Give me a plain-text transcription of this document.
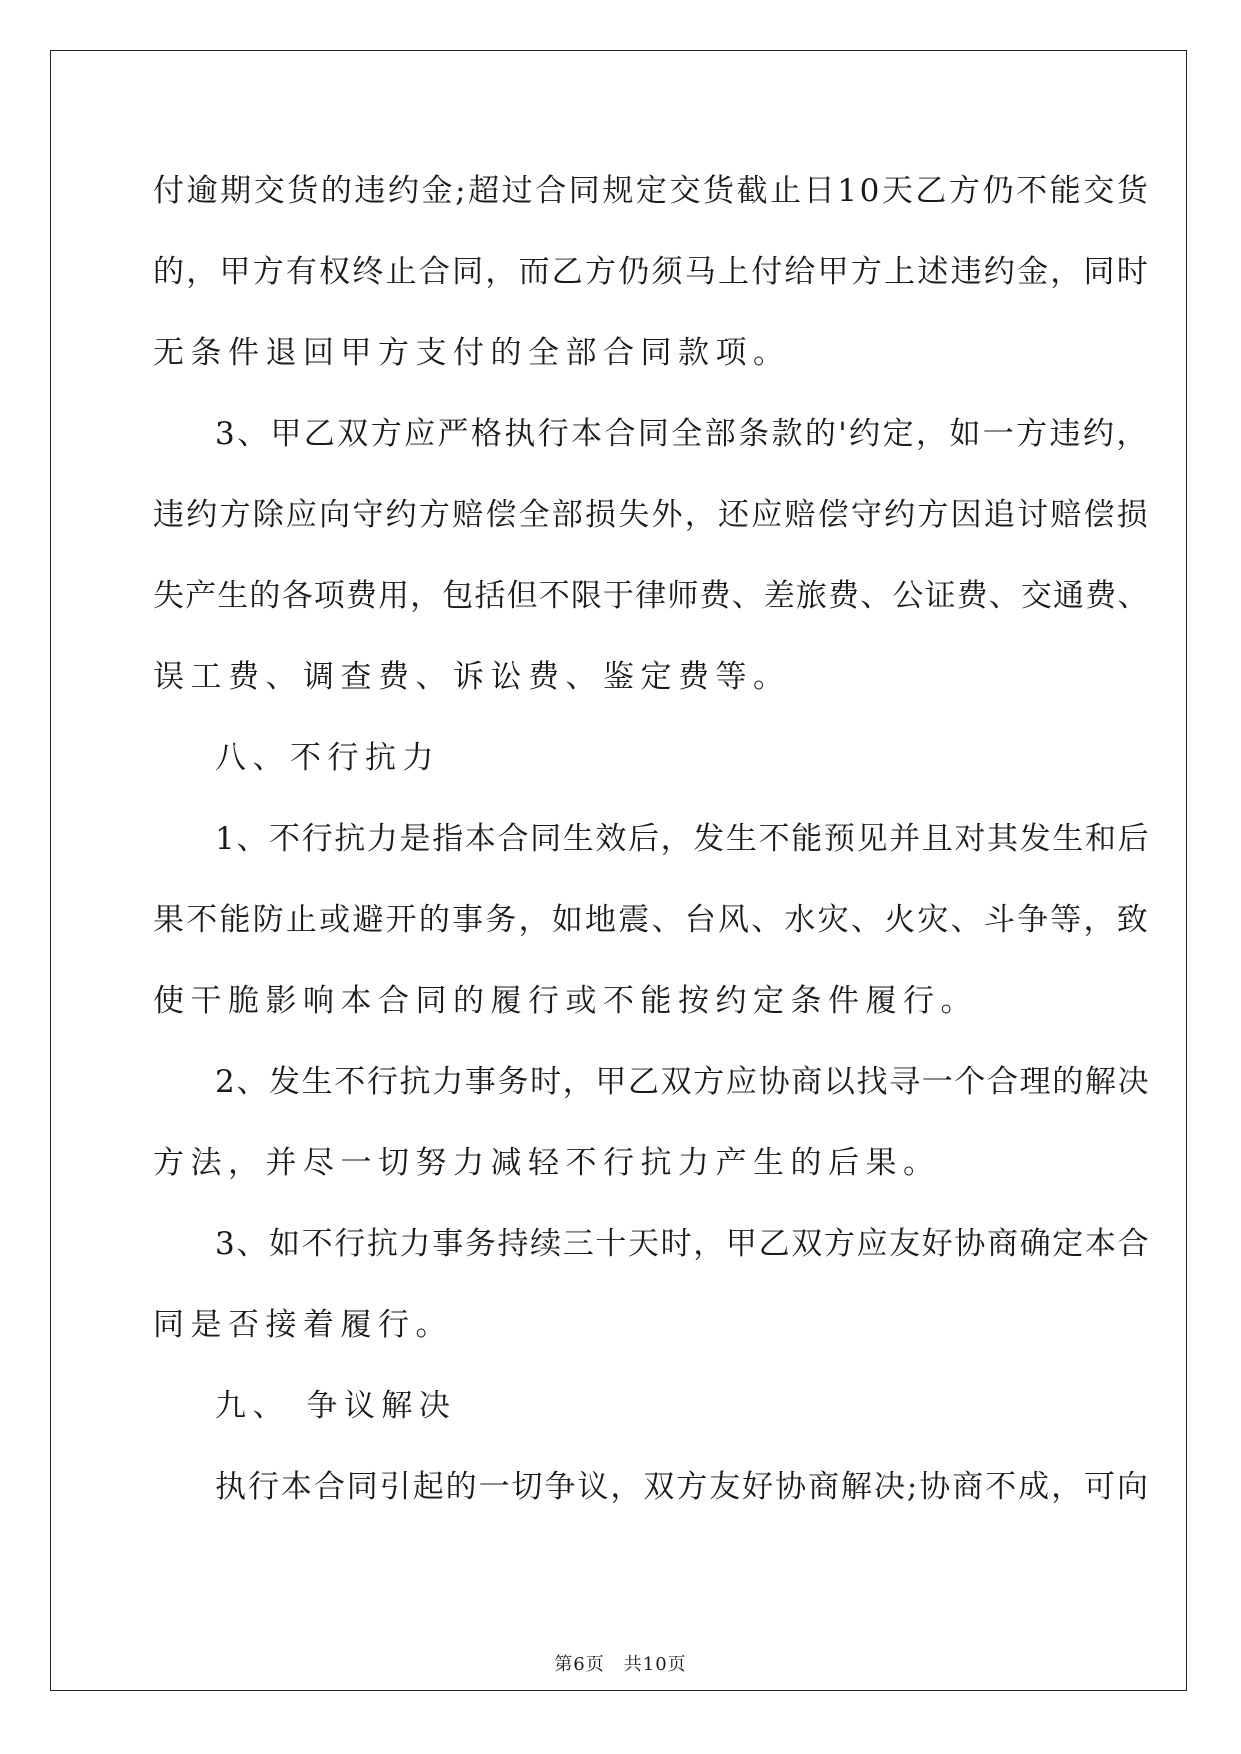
付逾期交货的违约金;超过合同规定交货截止日10天乙方仍不能交货
的，甲方有权终止合同，而乙方仍须马上付给甲方上述违约金，同时
无条件退回甲方支付的全部合同款项。
3、甲乙双方应严格执行本合同全部条款的'约定，如一方违约，
违约方除应向守约方赔偿全部损失外，还应赔偿守约方因追讨赔偿损
失产生的各项费用，包括但不限于律师费、差旅费、公证费、交通费、
误工费、调查费、诉讼费、鉴定费等。
八、不行抗力
1、不行抗力是指本合同生效后，发生不能预见并且对其发生和后
果不能防止或避开的事务，如地震、台风、水灾、火灾、斗争等，致
使干脆影响本合同的履行或不能按约定条件履行。
2、发生不行抗力事务时，甲乙双方应协商以找寻一个合理的解决
方法，并尽一切努力减轻不行抗力产生的后果。
3、如不行抗力事务持续三十天时，甲乙双方应友好协商确定本合
同是否接着履行。
九、 争议解决
执行本合同引起的一切争议，双方友好协商解决;协商不成，可向
第6页　共10页
